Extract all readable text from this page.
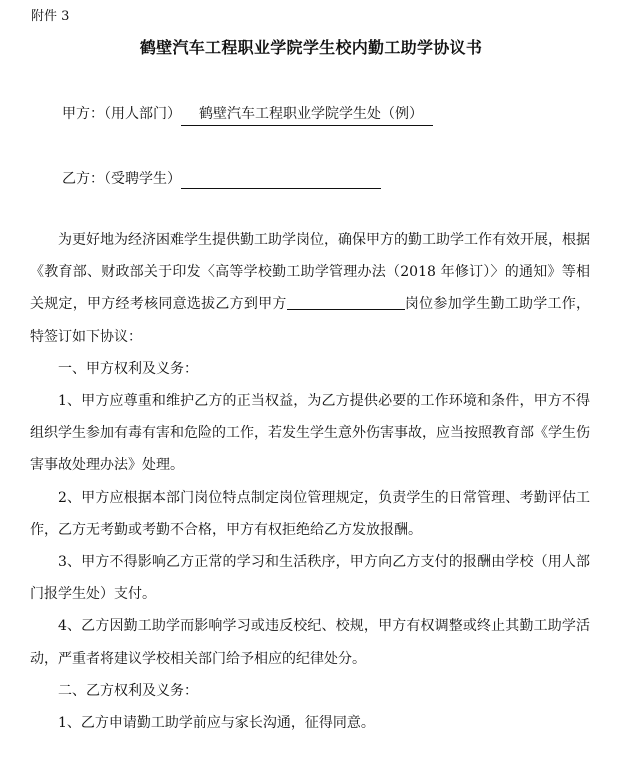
附件 3
鹤壁汽车工程职业学院学生校内勤工助学协议书
甲方：（用人部门） 鹤壁汽车工程职业学院学生处（例）
乙方：（受聘学生）

为更好地为经济困难学生提供勤工助学岗位，确保甲方的勤工助学工作有效开展，根据《教育部、财政部关于印发〈高等学校勤工助学管理办法（2018 年修订）〉的通知》等相关规定，甲方经考核同意选拔乙方到甲方	岗位参加学生勤工助学工作，特签订如下协议：

一、甲方权利及义务：

1、甲方应尊重和维护乙方的正当权益，为乙方提供必要的工作环境和条件，甲方不得组织学生参加有毒有害和危险的工作，若发生学生意外伤害事故，应当按照教育部《学生伤害事故处理办法》处理。

2、甲方应根据本部门岗位特点制定岗位管理规定，负责学生的日常管理、考勤评估工作，乙方无考勤或考勤不合格，甲方有权拒绝给乙方发放报酬。

3、甲方不得影响乙方正常的学习和生活秩序，甲方向乙方支付的报酬由学校（用人部门报学生处）支付。

4、乙方因勤工助学而影响学习或违反校纪、校规，甲方有权调整或终止其勤工助学活动，严重者将建议学校相关部门给予相应的纪律处分。

二、乙方权利及义务：

1、乙方申请勤工助学前应与家长沟通，征得同意。
